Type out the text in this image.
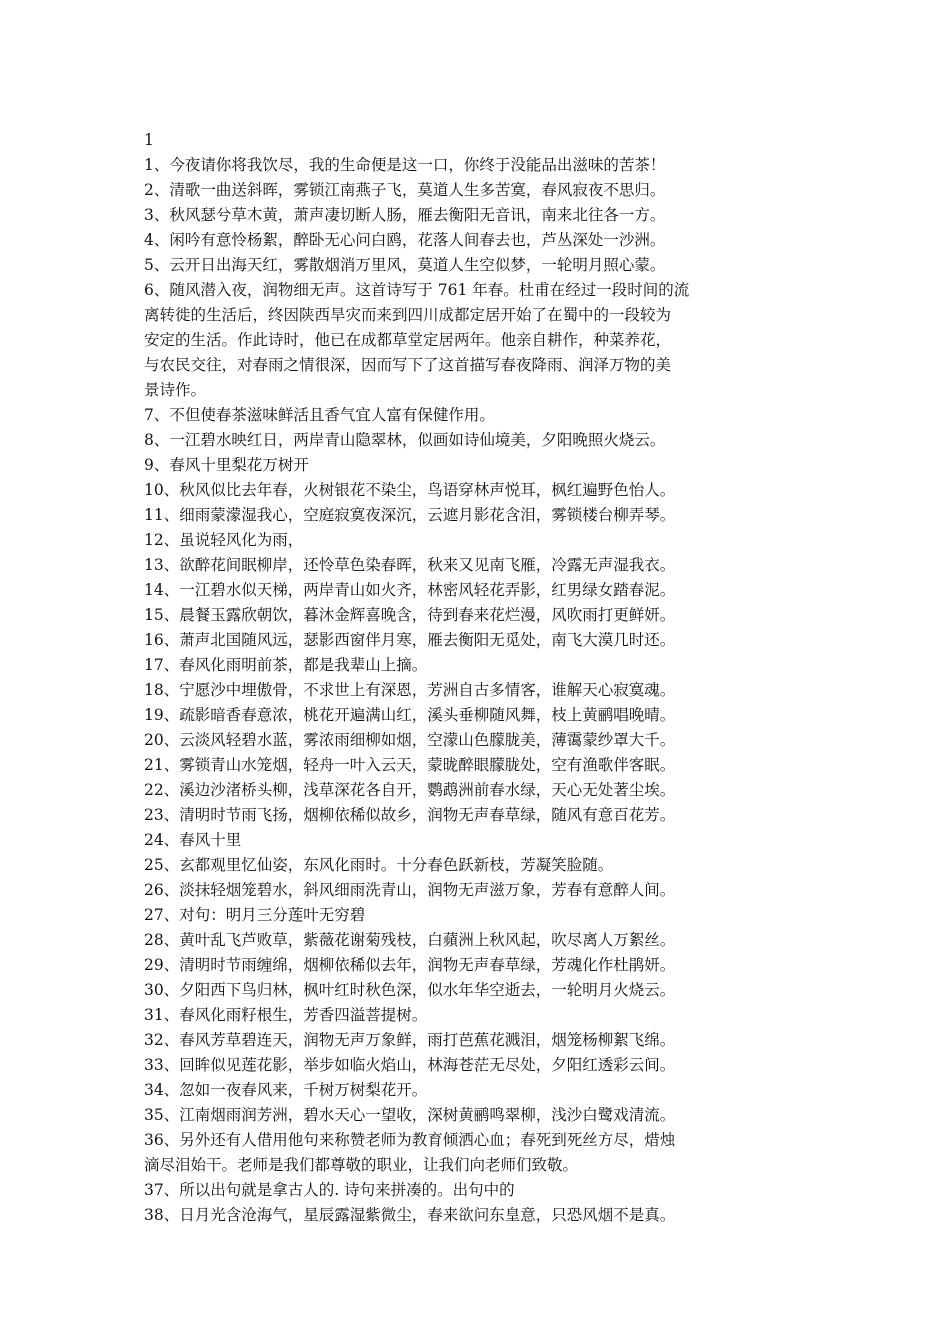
1
1、今夜请你将我饮尽，我的生命便是这一口，你终于没能品出滋味的苦茶！
2、清歌一曲送斜晖，雾锁江南燕子飞，莫道人生多苦寞，春风寂夜不思归。
3、秋风瑟兮草木黄，萧声凄切断人肠，雁去衡阳无音讯，南来北往各一方。
4、闲吟有意怜杨絮，醉卧无心问白鸥，花落人间春去也，芦丛深处一沙洲。
5、云开日出海天红，雾散烟消万里风，莫道人生空似梦，一轮明月照心蒙。
6、随风潜入夜，润物细无声。这首诗写于 761 年春。杜甫在经过一段时间的流
离转徙的生活后，终因陕西旱灾而来到四川成都定居开始了在蜀中的一段较为
安定的生活。作此诗时，他已在成都草堂定居两年。他亲自耕作，种菜养花，
与农民交往，对春雨之情很深，因而写下了这首描写春夜降雨、润泽万物的美
景诗作。
7、不但使春茶滋味鲜活且香气宜人富有保健作用。
8、一江碧水映红日，两岸青山隐翠林，似画如诗仙境美，夕阳晚照火烧云。
9、春风十里梨花万树开
10、秋风似比去年春，火树银花不染尘，鸟语穿林声悦耳，枫红遍野色怡人。
11、细雨蒙濛湿我心，空庭寂寞夜深沉，云遮月影花含泪，雾锁楼台柳弄琴。
12、虽说轻风化为雨，
13、欲醉花间眠柳岸，还怜草色染春晖，秋来又见南飞雁，冷露无声湿我衣。
14、一江碧水似天梯，两岸青山如火齐，林密风轻花弄影，红男绿女踏春泥。
15、晨餐玉露欣朝饮，暮沐金辉喜晚含，待到春来花烂漫，风吹雨打更鲜妍。
16、萧声北国随风远，瑟影西窗伴月寒，雁去衡阳无觅处，南飞大漠几时还。
17、春风化雨明前茶，都是我辈山上摘。
18、宁愿沙中埋傲骨，不求世上有深恩，芳洲自古多情客，谁解天心寂寞魂。
19、疏影暗香春意浓，桃花开遍满山红，溪头垂柳随风舞，枝上黄鹂唱晚晴。
20、云淡风轻碧水蓝，雾浓雨细柳如烟，空濛山色朦胧美，薄霭蒙纱罩大千。
21、雾锁青山水笼烟，轻舟一叶入云天，蒙昽醉眼朦胧处，空有渔歌伴客眠。
22、溪边沙渚桥头柳，浅草深花各自开，鹦鹉洲前春水绿，天心无处著尘埃。
23、清明时节雨飞扬，烟柳依稀似故乡，润物无声春草绿，随风有意百花芳。
24、春风十里
25、玄都观里忆仙姿，东风化雨时。十分春色跃新枝，芳凝笑脸随。
26、淡抹轻烟笼碧水，斜风细雨洗青山，润物无声滋万象，芳春有意醉人间。
27、对句：明月三分莲叶无穷碧
28、黄叶乱飞芦败草，紫薇花谢菊残枝，白蘋洲上秋风起，吹尽离人万絮丝。
29、清明时节雨缠绵，烟柳依稀似去年，润物无声春草绿，芳魂化作杜鹃妍。
30、夕阳西下鸟归林，枫叶红时秋色深，似水年华空逝去，一轮明月火烧云。
31、春风化雨籽根生，芳香四溢菩提树。
32、春风芳草碧连天，润物无声万象鲜，雨打芭蕉花溅泪，烟笼杨柳絮飞绵。
33、回眸似见莲花影，举步如临火焰山，林海苍茫无尽处，夕阳红透彩云间。
34、忽如一夜春风来，千树万树梨花开。
35、江南烟雨润芳洲，碧水天心一望收，深树黄鹂鸣翠柳，浅沙白鹭戏清流。
36、另外还有人借用他句来称赞老师为教育倾洒心血；春死到死丝方尽，焟烛
滴尽泪始干。老师是我们都尊敬的职业，让我们向老师们致敬。
37、所以出句就是拿古人的. 诗句来拼凑的。出句中的
38、日月光含沧海气，星辰露湿紫微尘，春来欲问东皇意，只恐风烟不是真。
